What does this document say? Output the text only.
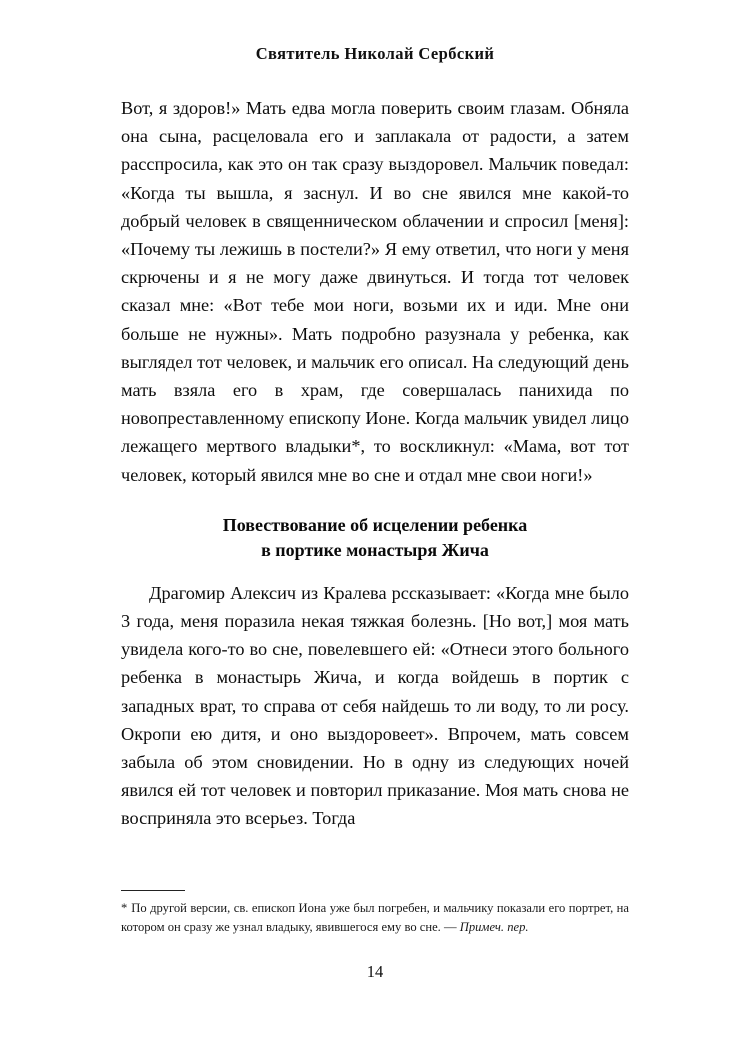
Святитель Николай Сербский

Вот, я здоров!» Мать едва могла поверить своим глазам. Обняла она сына, расцеловала его и заплакала от радости, а затем расспросила, как это он так сразу выздоровел. Мальчик поведал: «Когда ты вышла, я заснул. И во сне явился мне какой-то добрый человек в священническом облачении и спросил [меня]: «Почему ты лежишь в постели?» Я ему ответил, что ноги у меня скрючены и я не могу даже двинуться. И тогда тот человек сказал мне: «Вот тебе мои ноги, возьми их и иди. Мне они больше не нужны». Мать подробно разузнала у ребенка, как выглядел тот человек, и мальчик его описал. На следующий день мать взяла его в храм, где совершалась панихида по новопреставленному епископу Ионе. Когда мальчик увидел лицо лежащего мертвого владыки*, то воскликнул: «Мама, вот тот человек, который явился мне во сне и отдал мне свои ноги!»

Повествование об исцелении ребенка
в портике монастыря Жича

Драгомир Алексич из Кралева рссказывает: «Когда мне было 3 года, меня поразила некая тяжкая болезнь. [Но вот,] моя мать увидела кого-то во сне, повелевшего ей: «Отнеси этого больного ребенка в монастырь Жича, и когда войдешь в портик с западных врат, то справа от себя найдешь то ли воду, то ли росу. Окропи ею дитя, и оно выздоровеет». Впрочем, мать совсем забыла об этом сновидении. Но в одну из следующих ночей явился ей тот человек и повторил приказание. Моя мать снова не восприняла это всерьез. Тогда

* По другой версии, св. епископ Иона уже был погребен, и мальчику показали его портрет, на котором он сразу же узнал владыку, явившегося ему во сне. — Примеч. пер.

14
